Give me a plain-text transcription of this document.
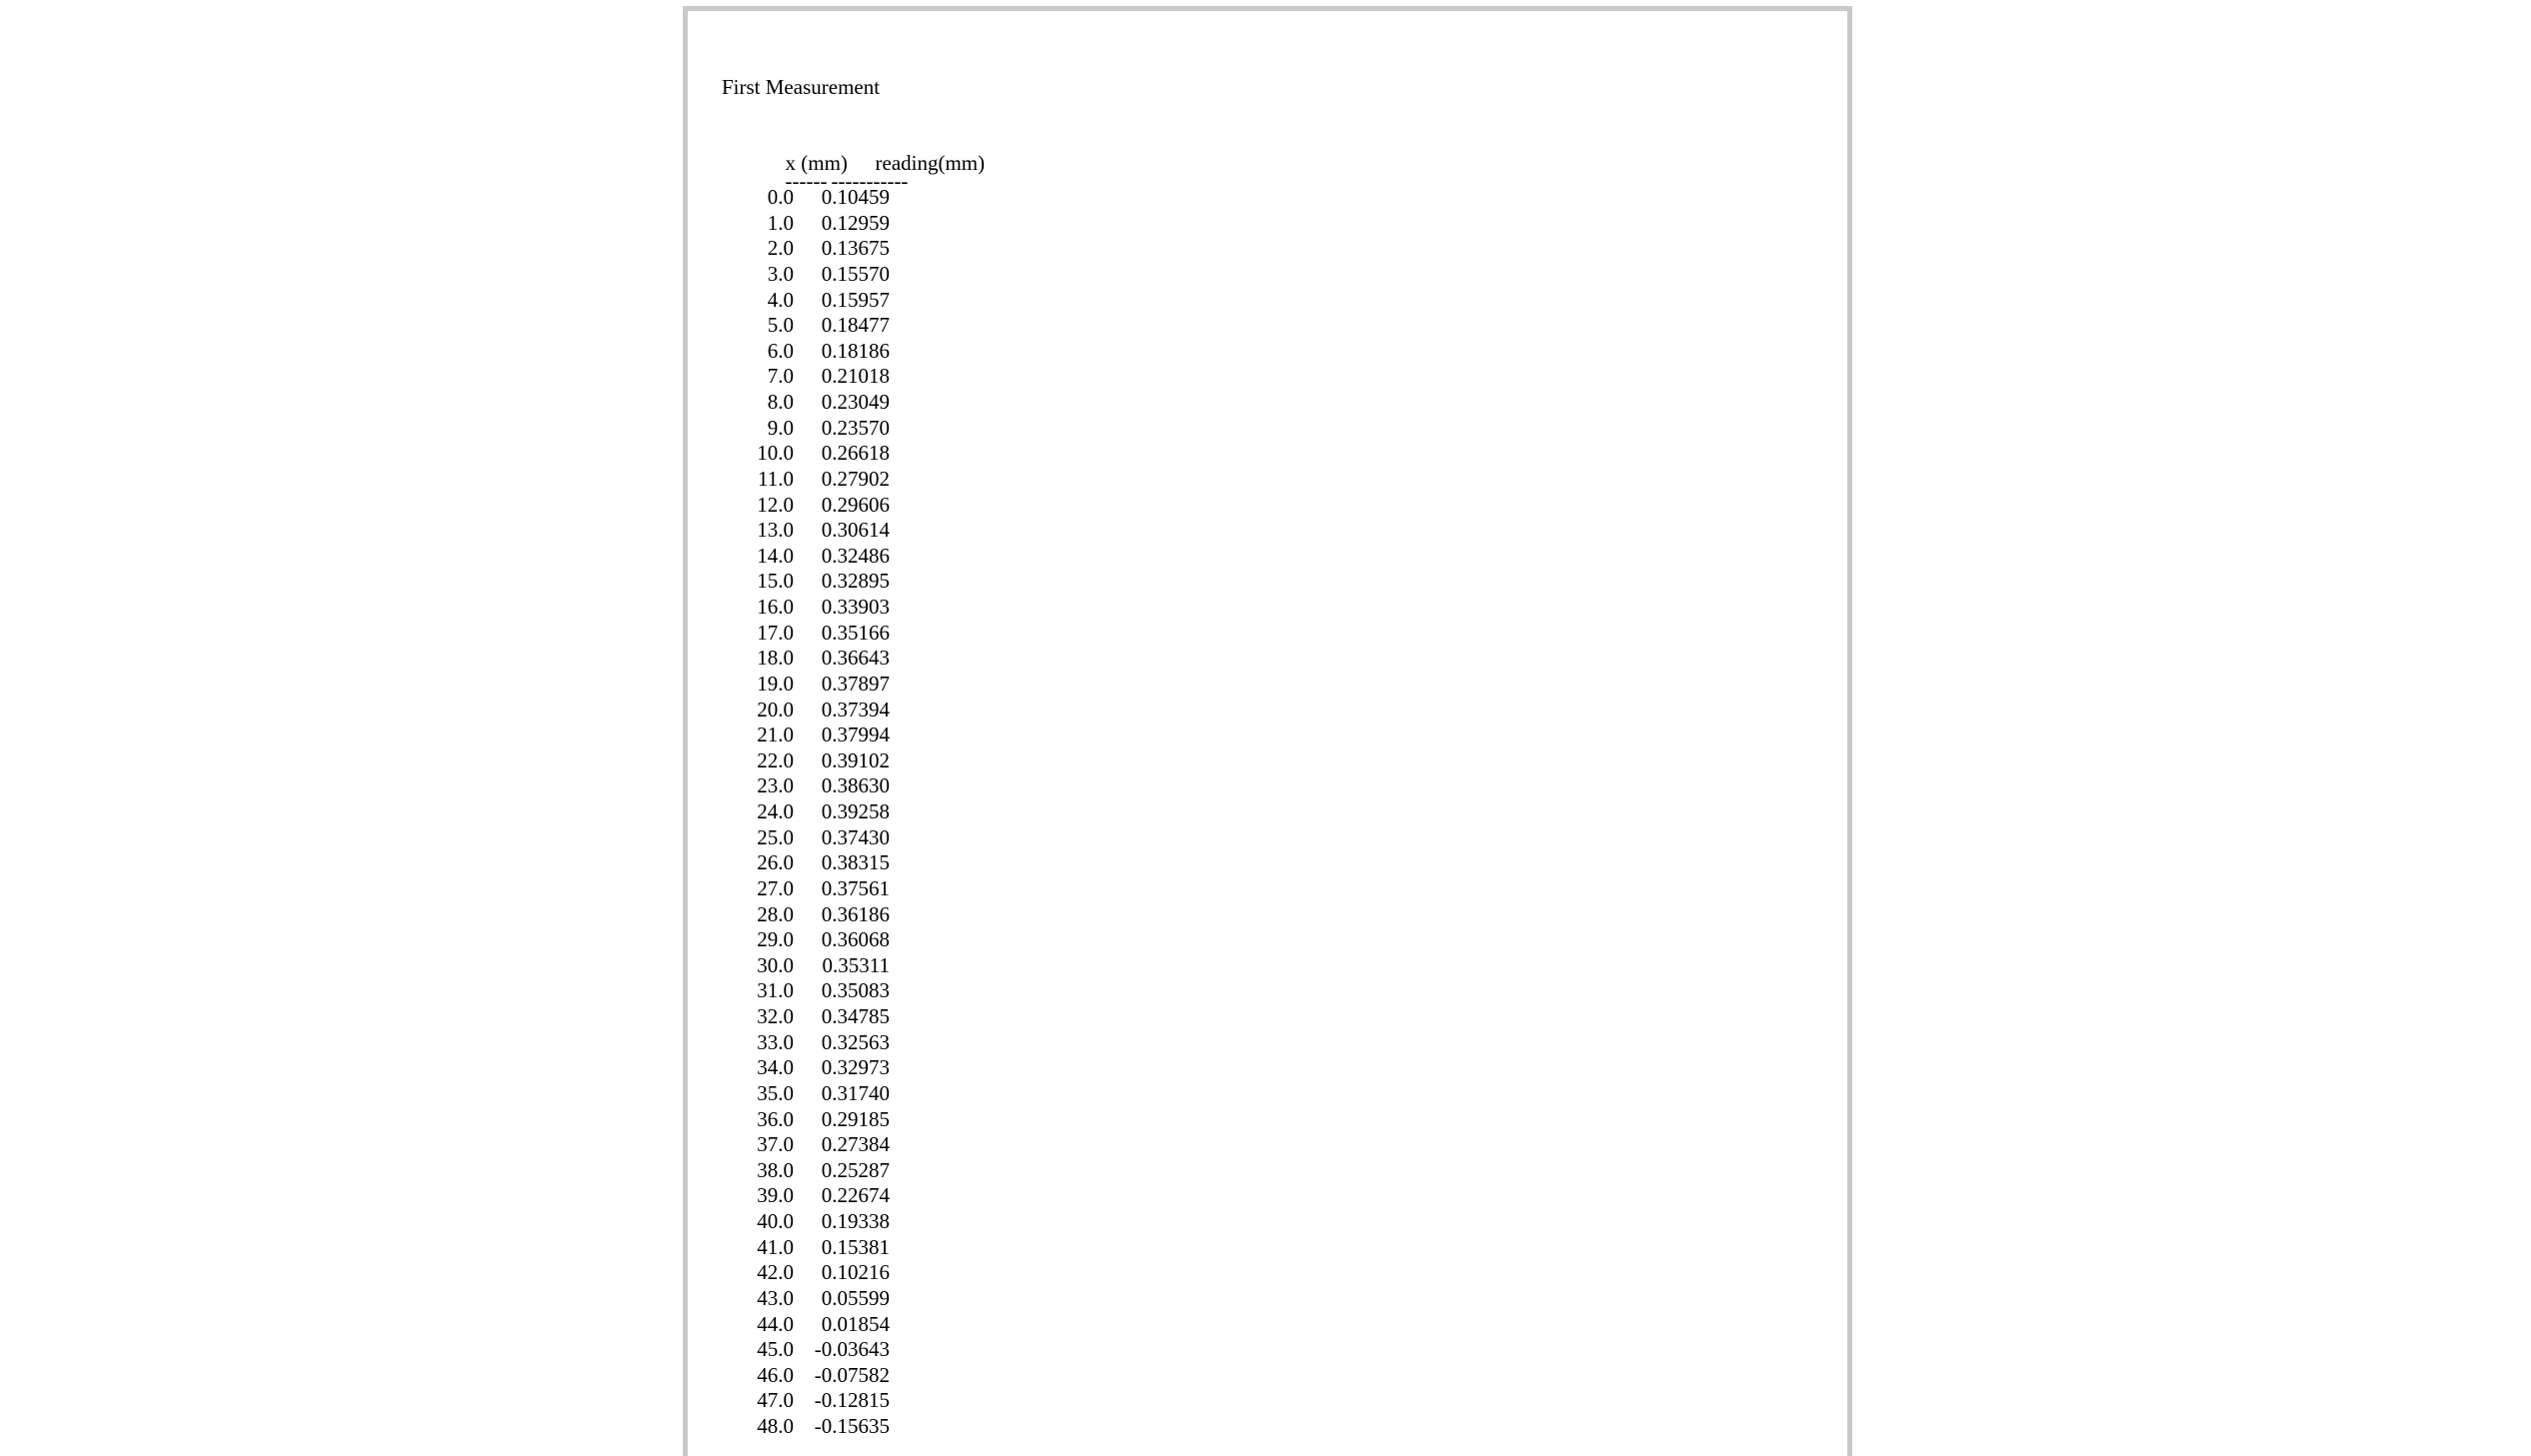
First Measurement

x (mm) reading(mm)

------ -----------

0.0	0.10459
1.0	0.12959
2.0	0.13675
3.0	0.15570
4.0	0.15957
5.0	0.18477
6.0	0.18186
7.0	0.21018
8.0	0.23049
9.0	0.23570
10.0	0.26618
11.0	0.27902
12.0	0.29606
13.0	0.30614
14.0	0.32486
15.0	0.32895
16.0	0.33903
17.0	0.35166
18.0	0.36643
19.0	0.37897
20.0	0.37394
21.0	0.37994
22.0	0.39102
23.0	0.38630
24.0	0.39258
25.0	0.37430
26.0	0.38315
27.0	0.37561
28.0	0.36186
29.0	0.36068
30.0	0.35311
31.0	0.35083
32.0	0.34785
33.0	0.32563
34.0	0.32973
35.0	0.31740
36.0	0.29185
37.0	0.27384
38.0	0.25287
39.0	0.22674
40.0	0.19338
41.0	0.15381
42.0	0.10216
43.0	0.05599
44.0	0.01854
45.0 -0.03643
46.0 -0.07582
47.0 -0.12815
48.0 -0.15635
